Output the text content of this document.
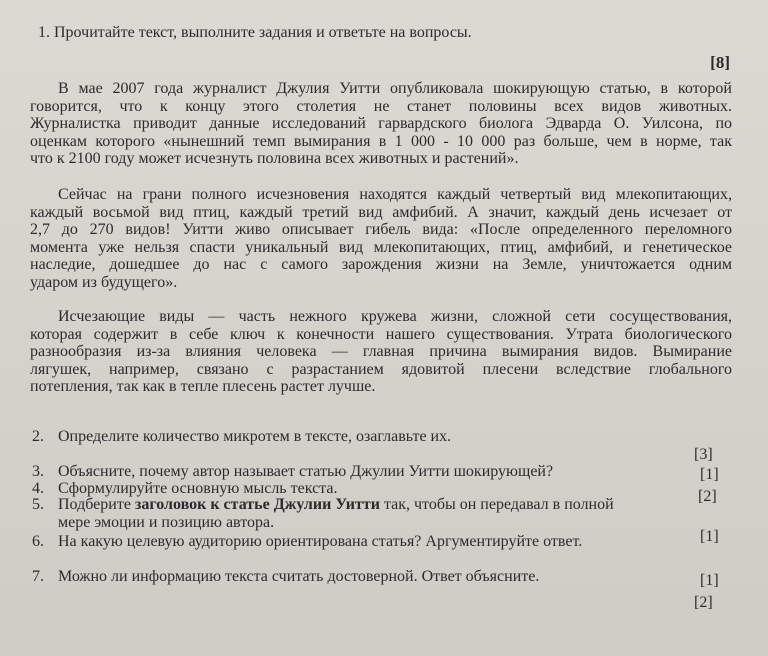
1. Прочитайте текст, выполните задания и ответьте на вопросы.
[8]
В мае 2007 года журналист Джулия Уитти опубликовала шокирующую статью, в которой
говорится, что к концу этого столетия не станет половины всех видов животных.
Журналистка приводит данные исследований гарвардского биолога Эдварда О. Уилсона, по
оценкам которого «нынешний темп вымирания в 1 000 - 10 000 раз больше, чем в норме, так
что к 2100 году может исчезнуть половина всех животных и растений».
Сейчас на грани полного исчезновения находятся каждый четвертый вид млекопитающих,
каждый восьмой вид птиц, каждый третий вид амфибий. А значит, каждый день исчезает от
2,7 до 270 видов! Уитти живо описывает гибель вида: «После определенного переломного
момента уже нельзя спасти уникальный вид млекопитающих, птиц, амфибий, и генетическое
наследие, дошедшее до нас с самого зарождения жизни на Земле, уничтожается одним
ударом из будущего».
Исчезающие виды — часть нежного кружева жизни, сложной сети сосуществования,
которая содержит в себе ключ к конечности нашего существования. Утрата биологического
разнообразия из-за влияния человека — главная причина вымирания видов. Вымирание
лягушек, например, связано с разрастанием ядовитой плесени вследствие глобального
потепления, так как в тепле плесень растет лучше.
2. Определите количество микротем в тексте, озаглавьте их.
[3]
3. Объясните, почему автор называет статью Джулии Уитти шокирующей?	[1]
4. Сформулируйте основную мысль текста.	[2]
5. Подберите заголовок к статье Джулии Уитти так, чтобы он передавал в полной
мере эмоции и позицию автора.
[1]
6. На какую целевую аудиторию ориентирована статья? Аргументируйте ответ.
[1]
7. Можно ли информацию текста считать достоверной. Ответ объясните.
[2]
